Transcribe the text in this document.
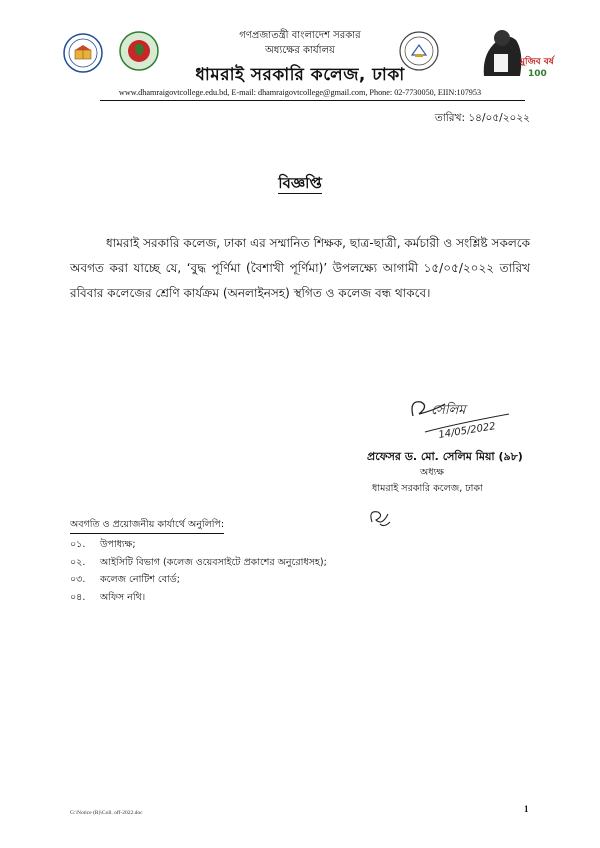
মুজিব বর্ষ
100
গণপ্রজাতন্ত্রী বাংলাদেশ সরকার
অধ্যক্ষের কার্যালয়
ধামরাই সরকারি কলেজ, ঢাকা
www.dhamraigovtcollege.edu.bd, E-mail: dhamraigovtcollege@gmail.com, Phone: 02-7730050, EIIN:107953
তারিখ: ১৪/০৫/২০২২
বিজ্ঞপ্তি
ধামরাই সরকারি কলেজ, ঢাকা এর সম্মানিত শিক্ষক, ছাত্র-ছাত্রী, কর্মচারী ও সংশ্লিষ্ট সকলকে অবগত করা যাচ্ছে যে, ‘বুদ্ধ পূর্ণিমা (বৈশাখী পূর্ণিমা)’ উপলক্ষ্যে আগামী ১৫/০৫/২০২২ তারিখ রবিবার কলেজের শ্রেণি কার্যক্রম (অনলাইনসহ) স্থগিত ও কলেজ বন্ধ থাকবে।
সেলিম
14/05/2022
প্রফেসর ড. মো. সেলিম মিয়া (৯৮)
অধ্যক্ষ
ধামরাই সরকারি কলেজ, ঢাকা
অবগতি ও প্রয়োজনীয় কার্যার্থে অনুলিপি:
০১. উপাধ্যক্ষ;
০২. আইসিটি বিভাগ (কলেজ ওয়েবসাইটে প্রকাশের অনুরোধসহ);
০৩. কলেজ নোটিশ বোর্ড;
০৪. অফিস নথি।
G:\Notice (R)\Coll. off-2022.doc	1
